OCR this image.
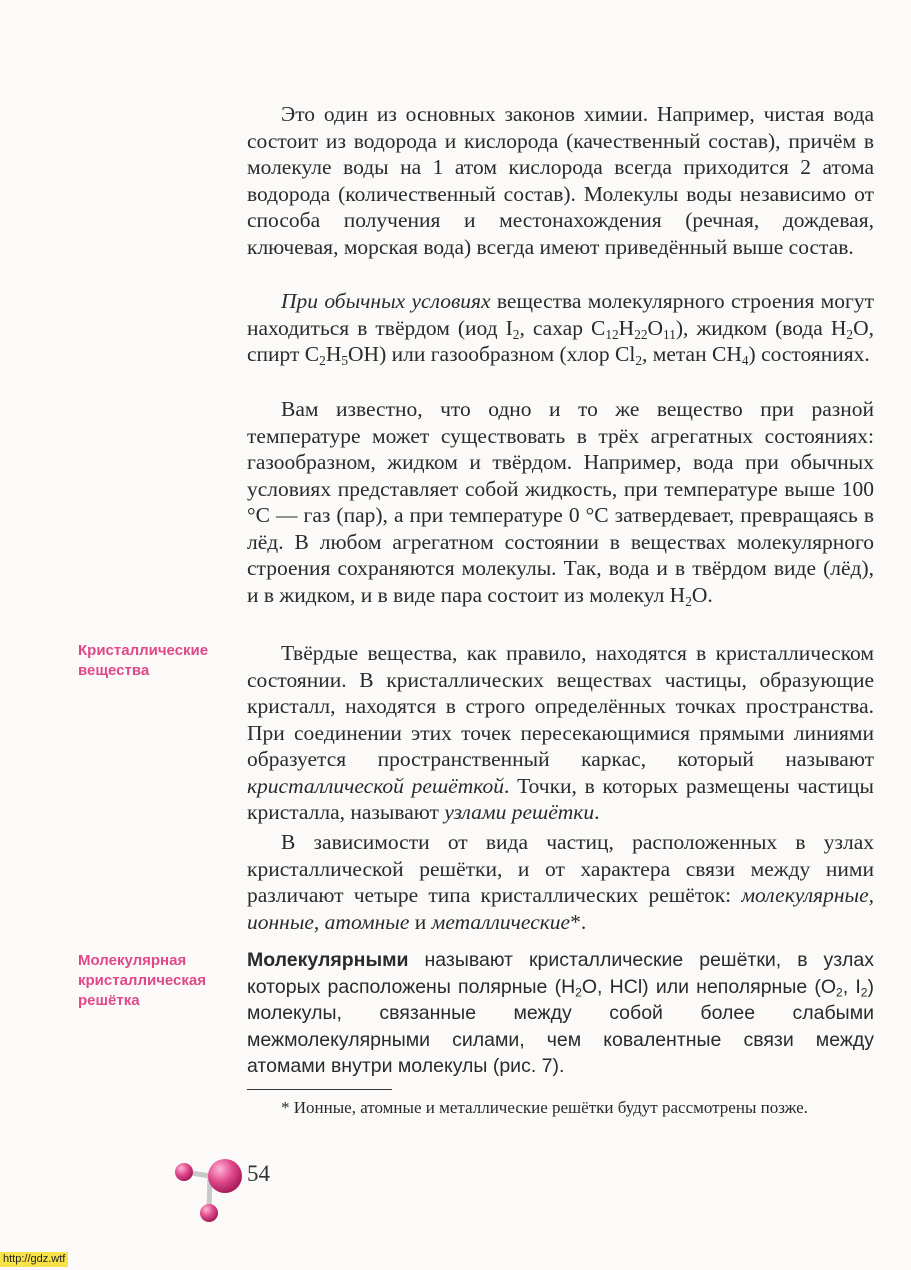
Это один из основных законов химии. Например, чистая вода состоит из водорода и кислорода (качественный состав), причём в молекуле воды на 1 атом кислорода всегда приходится 2 атома водорода (количественный состав). Молекулы воды независимо от способа получения и местонахождения (речная, дождевая, ключевая, морская вода) всегда имеют приведённый выше состав.

При обычных условиях вещества молекулярного строения могут находиться в твёрдом (иод $I_2$, сахар $C_{12}H_{22}O_{11}$), жидком (вода $H_2O$, спирт $C_2H_5OH$) или газообразном (хлор $Cl_2$, метан $CH_4$) состояниях.

Вам известно, что одно и то же вещество при разной температуре может существовать в трёх агрегатных состояниях: газообразном, жидком и твёрдом. Например, вода при обычных условиях представляет собой жидкость, при температуре выше 100 °C — газ (пар), а при температуре 0 °C затвердевает, превращаясь в лёд. В любом агрегатном состоянии в веществах молекулярного строения сохраняются молекулы. Так, вода и в твёрдом виде (лёд), и в жидком, и в виде пара состоит из молекул $H_2O$.

Кристаллические вещества

Твёрдые вещества, как правило, находятся в кристаллическом состоянии. В кристаллических веществах частицы, образующие кристалл, находятся в строго определённых точках пространства. При соединении этих точек пересекающимися прямыми линиями образуется пространственный каркас, который называют кристаллической решёткой. Точки, в которых размещены частицы кристалла, называют узлами решётки.

В зависимости от вида частиц, расположенных в узлах кристаллической решётки, и от характера связи между ними различают четыре типа кристаллических решёток: молекулярные, ионные, атомные и металлические*.

Молекулярная кристаллическая решётка

Молекулярными называют кристаллические решётки, в узлах которых расположены полярные ($H_2O$, HCl) или неполярные ($O_2$, $I_2$) молекулы, связанные между собой более слабыми межмолекулярными силами, чем ковалентные связи между атомами внутри молекулы (рис. 7).

* Ионные, атомные и металлические решётки будут рассмотрены позже.

54
http://gdz.wtf
